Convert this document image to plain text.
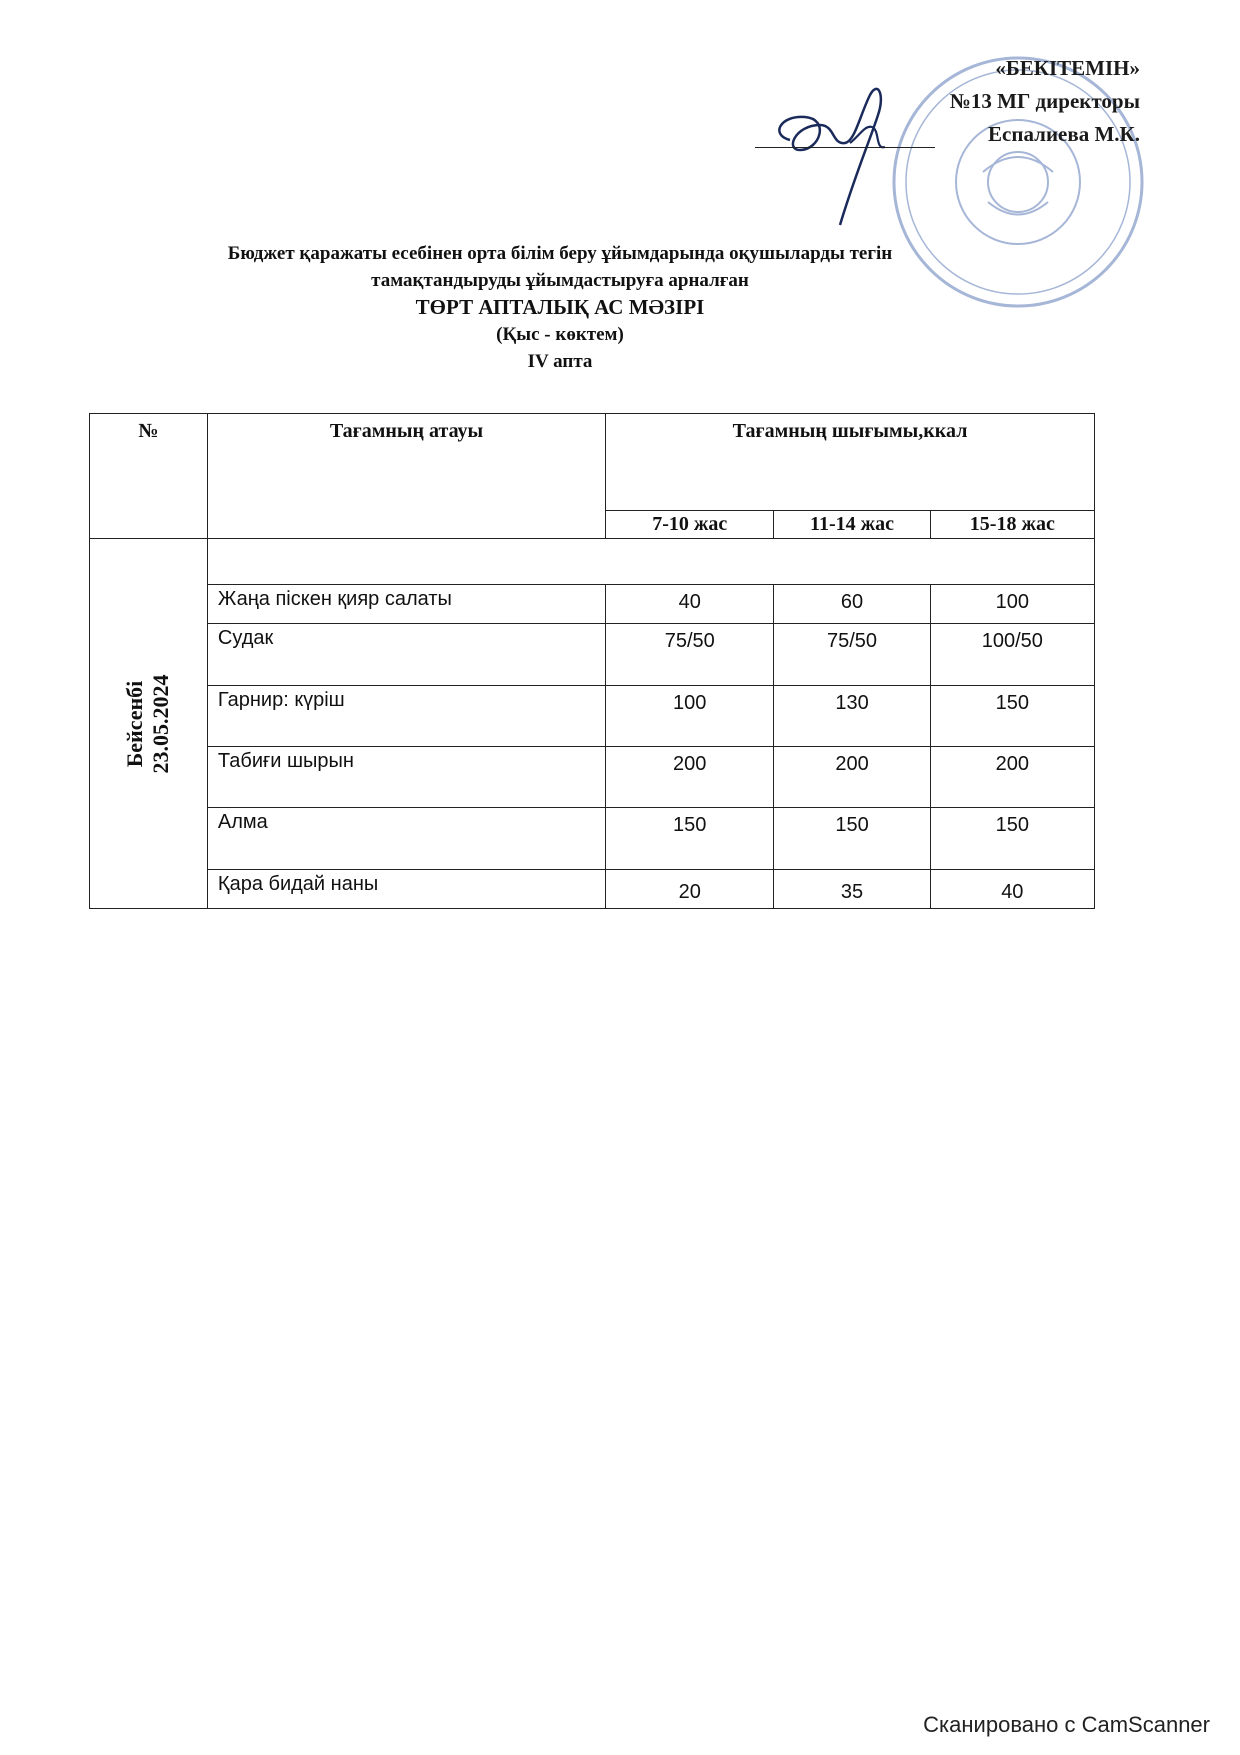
«БЕКІТЕМІН»
№13 МГ директоры
Еспалиева М.К.
Бюджет қаражаты есебінен орта білім беру ұйымдарында оқушыларды тегін
тамақтандыруды ұйымдастыруға арналған
ТӨРТ АПТАЛЫҚ АС МӘЗІРІ
(Қыс - көктем)
IV апта
№	Тағамның атауы	Тағамның шығымы,ккал		
		7-10 жас	11-14 жас	15-18 жас

Бейсенбі 23.05.2024				

	Жаңа піскен қияр салаты	40	60	100
	Судак	75/50	75/50	100/50
	Гарнир: күріш	100	130	150
	Табиғи шырын	200	200	200
	Алма	150	150	150
	Қара бидай наны	20	35	40
Сканировано с CamScanner
